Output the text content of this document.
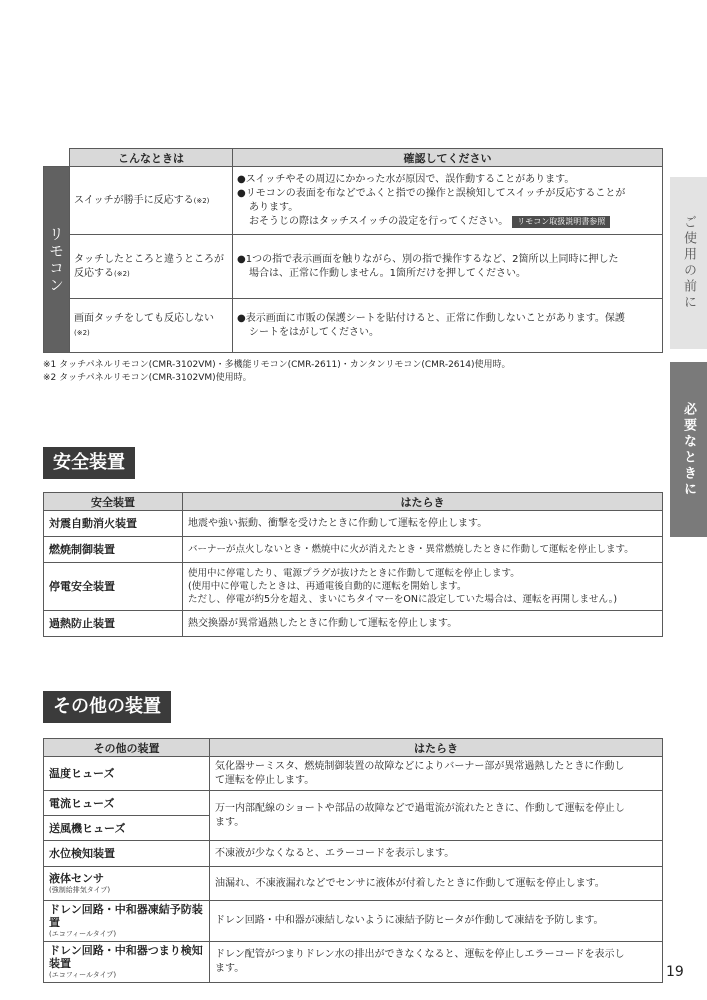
	こんなときは	確認してください
リモコン	スイッチが勝手に反応する$^{(※2)}$	●スイッチやその周辺にかかった水が原因で、誤作動することがあります。
●リモコンの表面を布などでふくと指での操作と誤検知してスイッチが反応することが
あります。
おそうじの際はタッチスイッチの設定を行ってください。 リモコン取扱説明書参照

	タッチしたところと違うところが反応する$^{(※2)}$	●1つの指で表示画面を触りながら、別の指で操作するなど、2箇所以上同時に押した
場合は、正常に作動しません。1箇所だけを押してください。

	画面タッチをしても反応しない$^{(※2)}$	●表示画面に市販の保護シートを貼付けると、正常に作動しないことがあります。保護
シートをはがしてください。
※1 タッチパネルリモコン(CMR-3102VM)・多機能リモコン(CMR-2611)・カンタンリモコン(CMR-2614)使用時。
※2 タッチパネルリモコン(CMR-3102VM)使用時。
安全装置
安全装置	はたらき
対震自動消火装置	地震や強い振動、衝撃を受けたときに作動して運転を停止します。
燃焼制御装置	バーナーが点火しないとき・燃焼中に火が消えたとき・異常燃焼したときに作動して運転を停止します。
停電安全装置	使用中に停電したり、電源プラグが抜けたときに作動して運転を停止します。
(使用中に停電したときは、再通電後自動的に運転を開始します。
ただし、停電が約5分を超え、まいにちタイマーをONに設定していた場合は、運転を再開しません。)

過熱防止装置	熱交換器が異常過熱したときに作動して運転を停止します。
その他の装置
その他の装置	はたらき
温度ヒューズ	気化器サーミスタ、燃焼制御装置の故障などによりバーナー部が異常過熱したときに作動し
て運転を停止します。

電流ヒューズ	万一内部配線のショートや部品の故障などで過電流が流れたときに、作動して運転を停止し
ます。

送風機ヒューズ	
水位検知装置	不凍液が少なくなると、エラーコードを表示します。
液体センサ
(強制給排気タイプ)	油漏れ、不凍液漏れなどでセンサに液体が付着したときに作動して運転を停止します。
ドレン回路・中和器凍結予防装置
(エコフィールタイプ)	ドレン回路・中和器が凍結しないように凍結予防ヒータが作動して凍結を予防します。
ドレン回路・中和器つまり検知装置
(エコフィールタイプ)	ドレン配管がつまりドレン水の排出ができなくなると、運転を停止しエラーコードを表示し
ます。
ご使用の前に
必要なときに
19
